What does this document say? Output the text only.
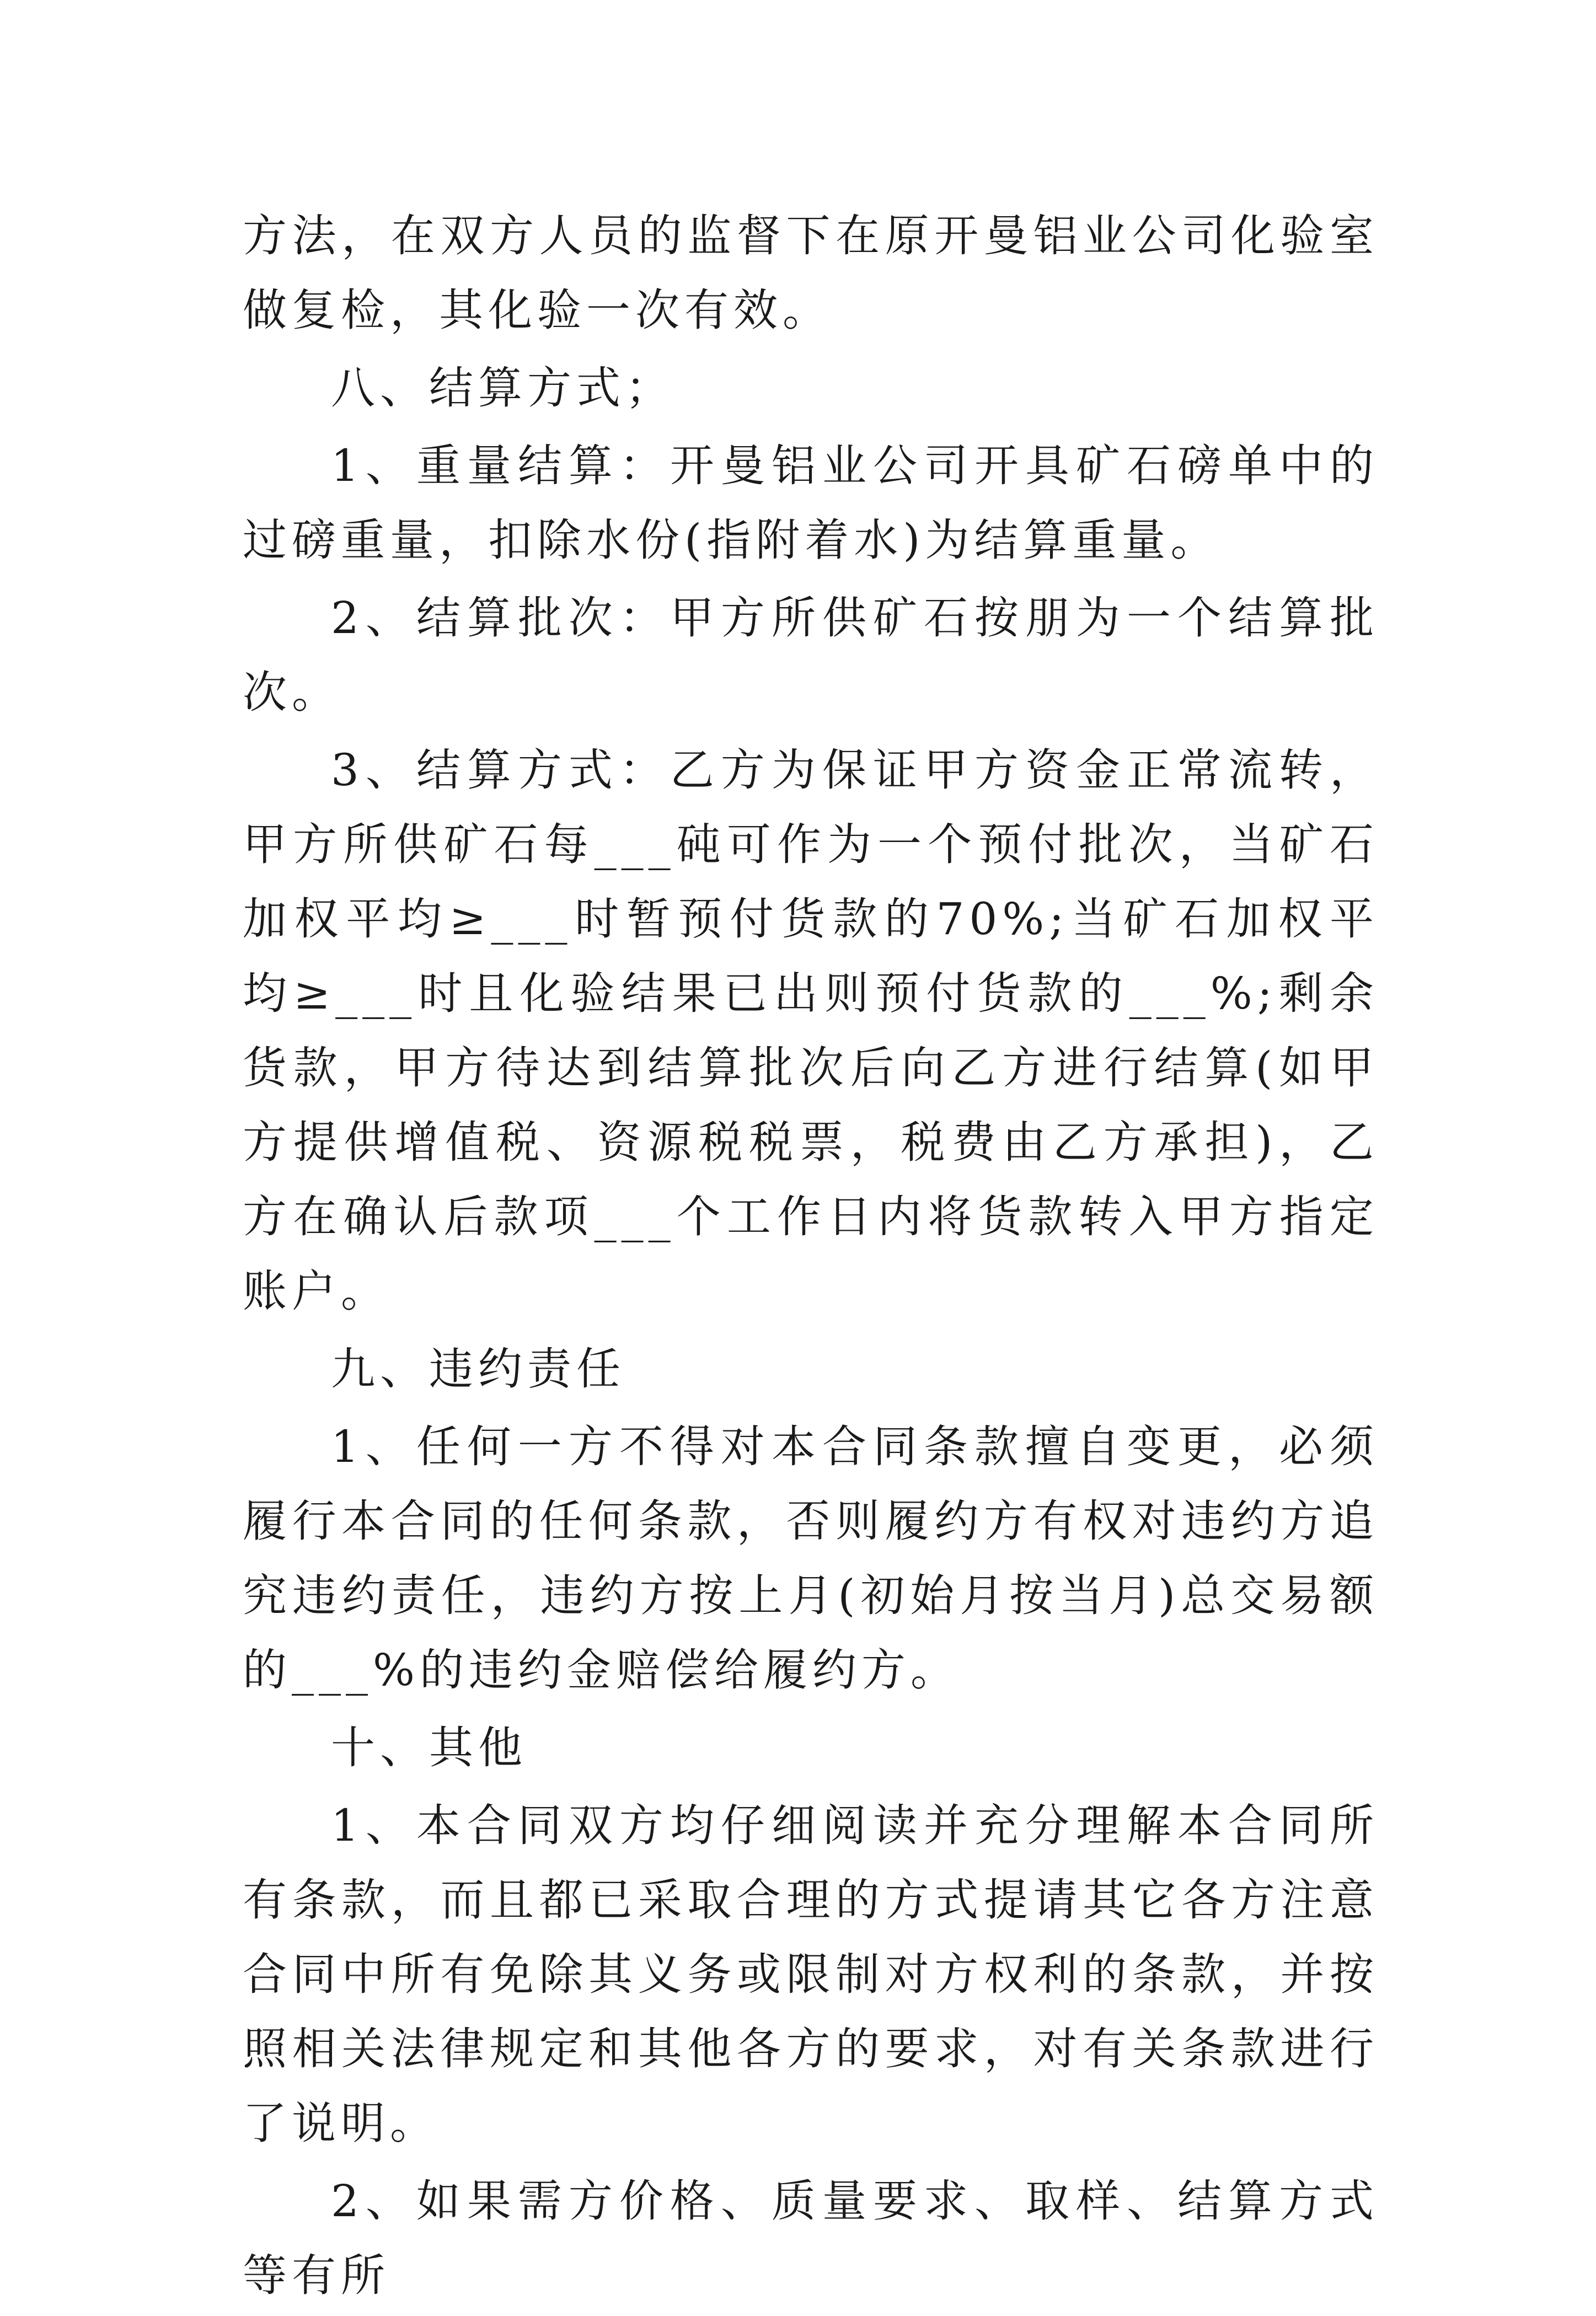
方法，在双方人员的监督下在原开曼铝业公司化验室做复检，其化验一次有效。

八、结算方式；

1、重量结算：开曼铝业公司开具矿石磅单中的过磅重量，扣除水份(指附着水)为结算重量。

2、结算批次：甲方所供矿石按朋为一个结算批次。

3、结算方式：乙方为保证甲方资金正常流转，甲方所供矿石每___砘可作为一个预付批次，当矿石加权平均≥___时暂预付货款的70%;当矿石加权平均≥___时且化验结果已出则预付货款的___%;剩余货款，甲方待达到结算批次后向乙方进行结算(如甲方提供增值税、资源税税票，税费由乙方承担)，乙方在确认后款项___个工作日内将货款转入甲方指定账户。

九、违约责任

1、任何一方不得对本合同条款擅自变更，必须履行本合同的任何条款，否则履约方有权对违约方追究违约责任，违约方按上月(初始月按当月)总交易额的___%的违约金赔偿给履约方。

十、其他

1、本合同双方均仔细阅读并充分理解本合同所有条款，而且都已采取合理的方式提请其它各方注意合同中所有免除其义务或限制对方权利的条款，并按照相关法律规定和其他各方的要求，对有关条款进行了说明。

2、如果需方价格、质量要求、取样、结算方式等有所
